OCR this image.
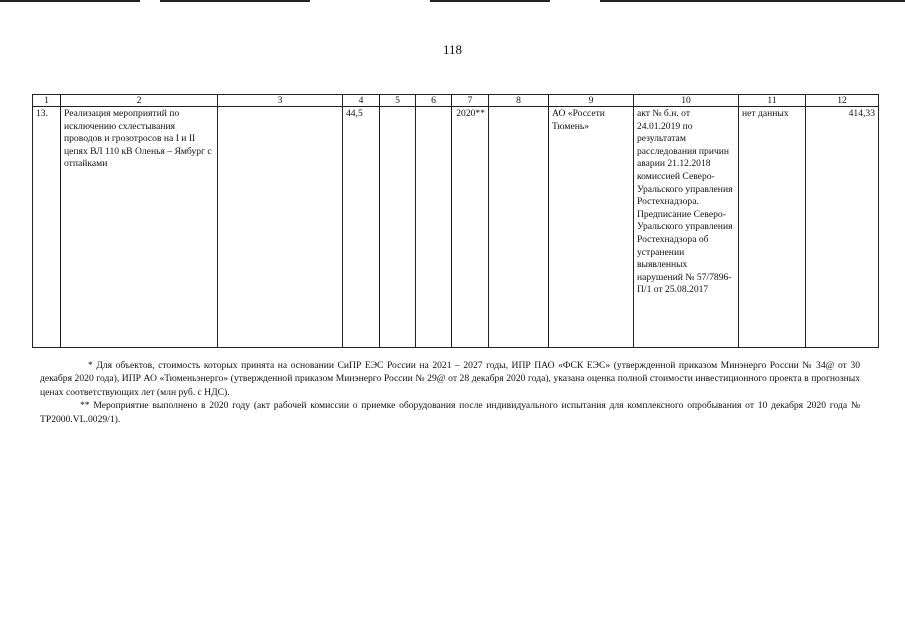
118
1	2	3	4	5	6	7	8	9	10	11	12
13.	Реализация мероприятий по исключению схлестывания проводов и грозотросов на I и II цепях ВЛ 110 кВ Оленья – Ямбург с отпайками		44,5			2020**		АО «Россети Тюмень»	акт № б.н. от 24.01.2019 по результатам расследования причин аварии 21.12.2018 комиссией Северо-Уральского управления Ростехнадзора. Предписание Северо-Уральского управления Ростехнадзора об устранении выявленных нарушений № 57/7896-П/1 от 25.08.2017	нет данных	414,33

* Для объектов, стоимость которых принята на основании СиПР ЕЭС России на 2021 – 2027 годы, ИПР ПАО «ФСК ЕЭС» (утвержденной приказом Минэнерго России № 34@ от 30 декабря 2020 года), ИПР АО «Тюменьэнерго» (утвержденной приказом Минэнерго России № 29@ от 28 декабря 2020 года), указана оценка полной стоимости инвестиционного проекта в прогнозных ценах соответствующих лет (млн руб. с НДС).

** Мероприятие выполнено в 2020 году (акт рабочей комиссии о приемке оборудования после индивидуального испытания для комплексного опробывания от 10 декабря 2020 года № TP2000.VL.0029/1).
